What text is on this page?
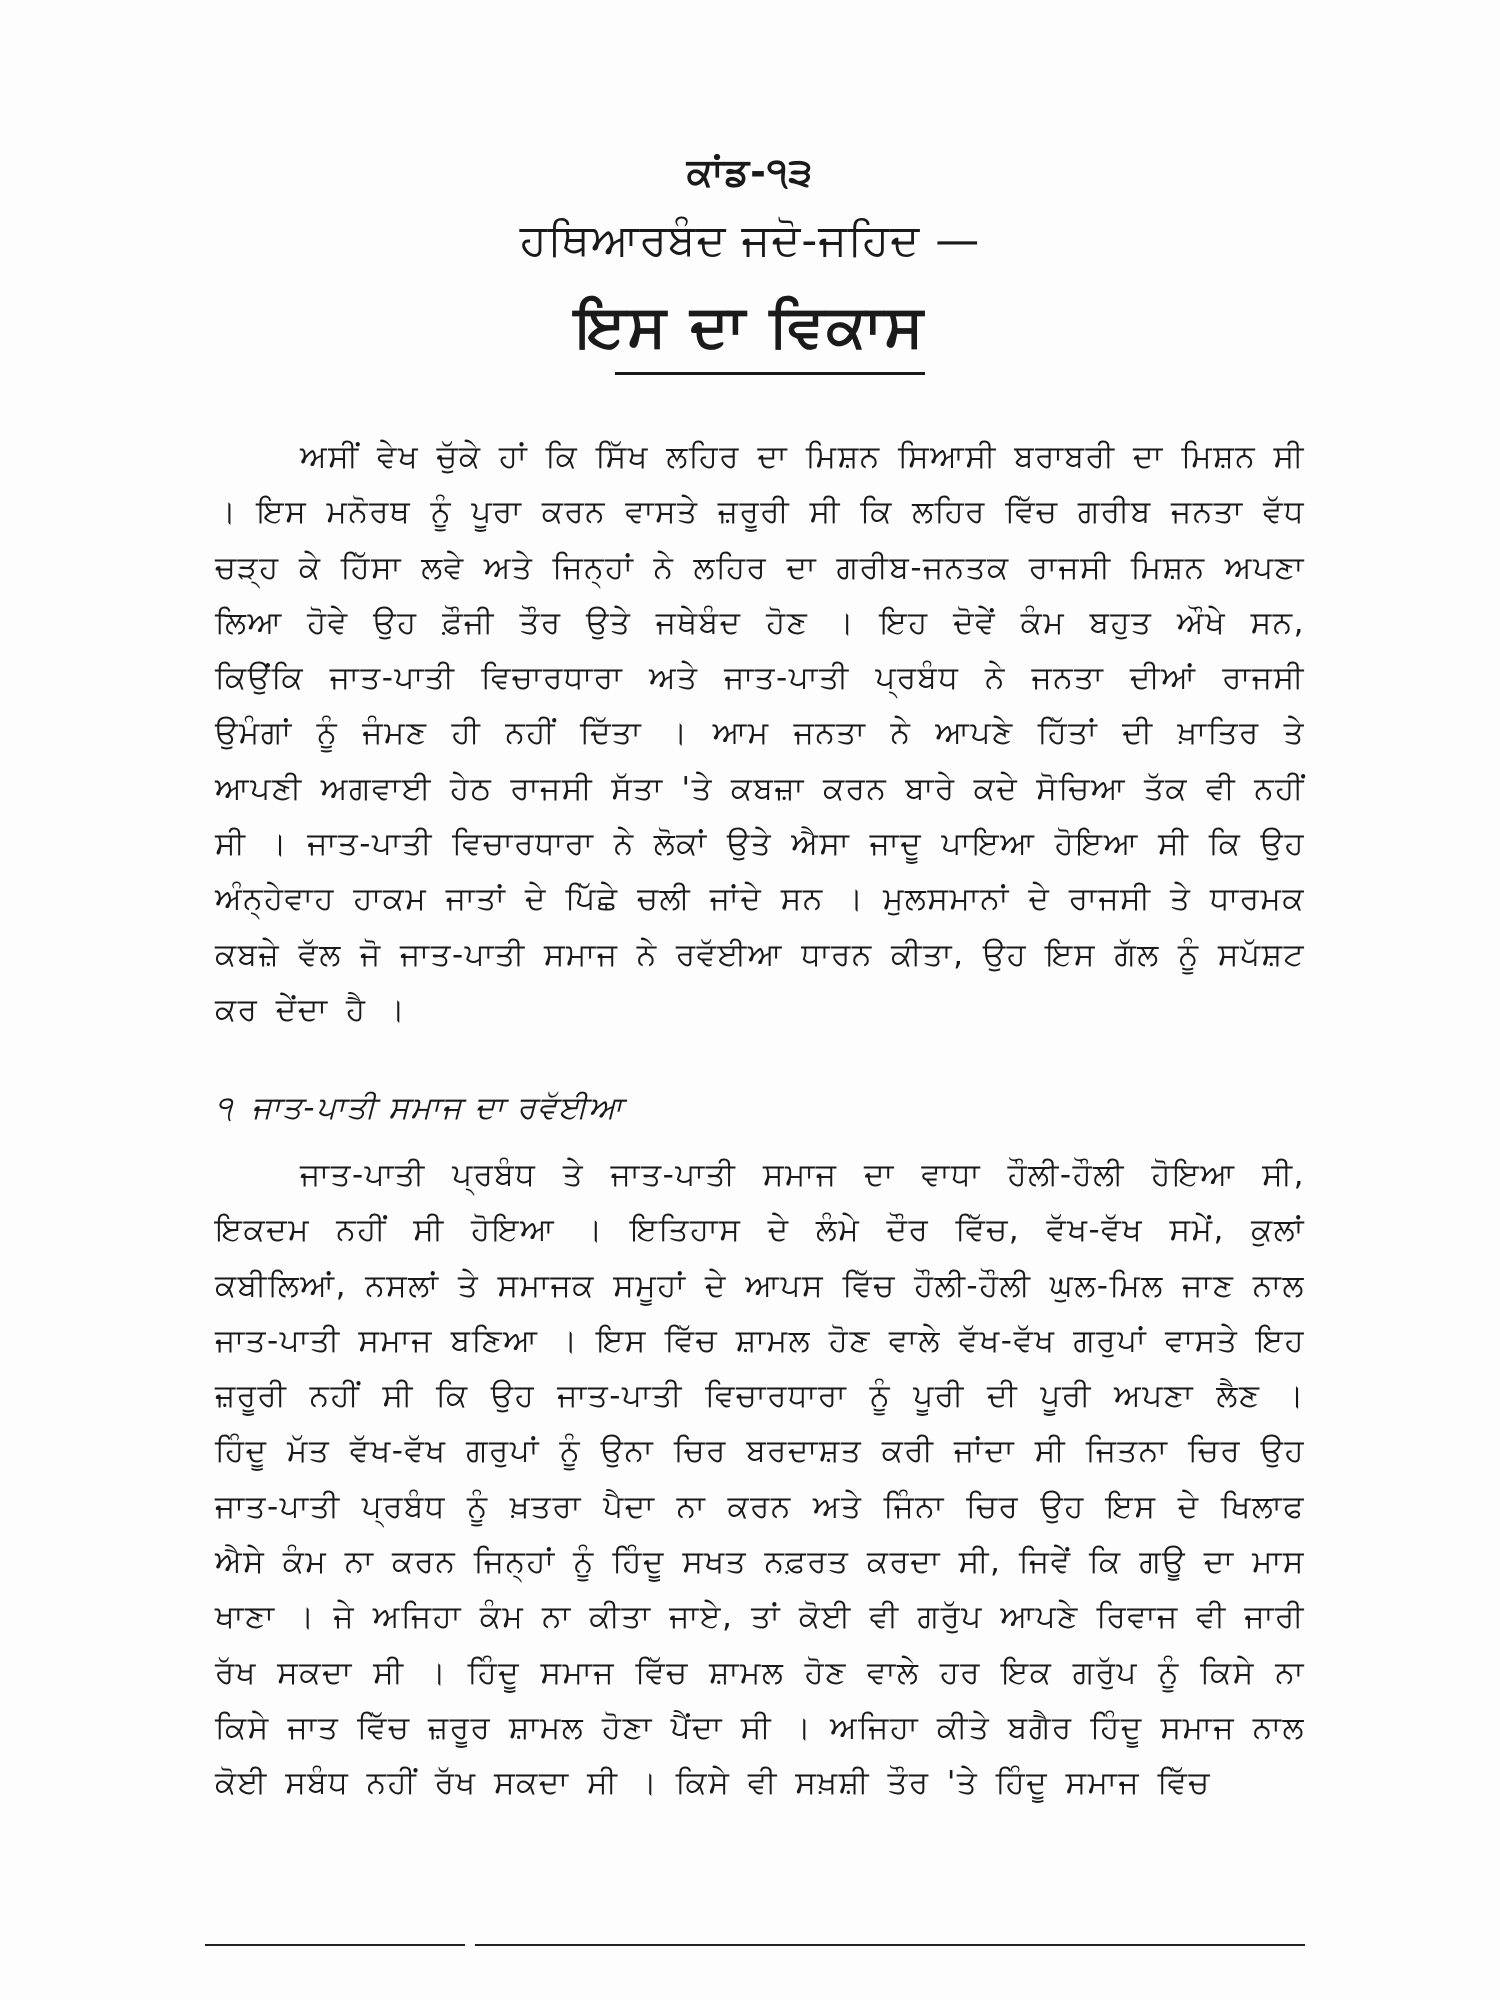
ਕਾਂਡ-੧੩
ਹਥਿਆਰਬੰਦ ਜਦੋ-ਜਹਿਦ —
ਇਸ ਦਾ ਵਿਕਾਸ

ਅਸੀਂ ਵੇਖ ਚੁੱਕੇ ਹਾਂ ਕਿ ਸਿੱਖ ਲਹਿਰ ਦਾ ਮਿਸ਼ਨ ਸਿਆਸੀ ਬਰਾਬਰੀ ਦਾ ਮਿਸ਼ਨ ਸੀ । ਇਸ ਮਨੋਰਥ ਨੂੰ ਪੂਰਾ ਕਰਨ ਵਾਸਤੇ ਜ਼ਰੂਰੀ ਸੀ ਕਿ ਲਹਿਰ ਵਿੱਚ ਗਰੀਬ ਜਨਤਾ ਵੱਧ ਚੜ੍ਹ ਕੇ ਹਿੱਸਾ ਲਵੇ ਅਤੇ ਜਿਨ੍ਹਾਂ ਨੇ ਲਹਿਰ ਦਾ ਗਰੀਬ-ਜਨਤਕ ਰਾਜਸੀ ਮਿਸ਼ਨ ਅਪਣਾ ਲਿਆ ਹੋਵੇ ਉਹ ਫ਼ੌਜੀ ਤੌਰ ਉਤੇ ਜਥੇਬੰਦ ਹੋਣ । ਇਹ ਦੋਵੇਂ ਕੰਮ ਬਹੁਤ ਔਖੇ ਸਨ, ਕਿਉਂਕਿ ਜਾਤ-ਪਾਤੀ ਵਿਚਾਰਧਾਰਾ ਅਤੇ ਜਾਤ-ਪਾਤੀ ਪ੍ਰਬੰਧ ਨੇ ਜਨਤਾ ਦੀਆਂ ਰਾਜਸੀ ਉਮੰਗਾਂ ਨੂੰ ਜੰਮਣ ਹੀ ਨਹੀਂ ਦਿੱਤਾ । ਆਮ ਜਨਤਾ ਨੇ ਆਪਣੇ ਹਿੱਤਾਂ ਦੀ ਖ਼ਾਤਿਰ ਤੇ ਆਪਣੀ ਅਗਵਾਈ ਹੇਠ ਰਾਜਸੀ ਸੱਤਾ 'ਤੇ ਕਬਜ਼ਾ ਕਰਨ ਬਾਰੇ ਕਦੇ ਸੋਚਿਆ ਤੱਕ ਵੀ ਨਹੀਂ ਸੀ । ਜਾਤ-ਪਾਤੀ ਵਿਚਾਰਧਾਰਾ ਨੇ ਲੋਕਾਂ ਉਤੇ ਐਸਾ ਜਾਦੂ ਪਾਇਆ ਹੋਇਆ ਸੀ ਕਿ ਉਹ ਅੰਨ੍ਹੇਵਾਹ ਹਾਕਮ ਜਾਤਾਂ ਦੇ ਪਿੱਛੇ ਚਲੀ ਜਾਂਦੇ ਸਨ । ਮੁਲਸਮਾਨਾਂ ਦੇ ਰਾਜਸੀ ਤੇ ਧਾਰਮਕ ਕਬਜ਼ੇ ਵੱਲ ਜੋ ਜਾਤ-ਪਾਤੀ ਸਮਾਜ ਨੇ ਰਵੱਈਆ ਧਾਰਨ ਕੀਤਾ, ਉਹ ਇਸ ਗੱਲ ਨੂੰ ਸਪੱਸ਼ਟ ਕਰ ਦੇਂਦਾ ਹੈ ।

੧ ਜਾਤ-ਪਾਤੀ ਸਮਾਜ ਦਾ ਰਵੱਈਆ

ਜਾਤ-ਪਾਤੀ ਪ੍ਰਬੰਧ ਤੇ ਜਾਤ-ਪਾਤੀ ਸਮਾਜ ਦਾ ਵਾਧਾ ਹੌਲੀ-ਹੌਲੀ ਹੋਇਆ ਸੀ, ਇਕਦਮ ਨਹੀਂ ਸੀ ਹੋਇਆ । ਇਤਿਹਾਸ ਦੇ ਲੰਮੇ ਦੌਰ ਵਿੱਚ, ਵੱਖ-ਵੱਖ ਸਮੇਂ, ਕੁਲਾਂ ਕਬੀਲਿਆਂ, ਨਸਲਾਂ ਤੇ ਸਮਾਜਕ ਸਮੂਹਾਂ ਦੇ ਆਪਸ ਵਿੱਚ ਹੌਲੀ-ਹੌਲੀ ਘੁਲ-ਮਿਲ ਜਾਣ ਨਾਲ ਜਾਤ-ਪਾਤੀ ਸਮਾਜ ਬਣਿਆ । ਇਸ ਵਿੱਚ ਸ਼ਾਮਲ ਹੋਣ ਵਾਲੇ ਵੱਖ-ਵੱਖ ਗਰੁਪਾਂ ਵਾਸਤੇ ਇਹ ਜ਼ਰੂਰੀ ਨਹੀਂ ਸੀ ਕਿ ਉਹ ਜਾਤ-ਪਾਤੀ ਵਿਚਾਰਧਾਰਾ ਨੂੰ ਪੂਰੀ ਦੀ ਪੂਰੀ ਅਪਣਾ ਲੈਣ । ਹਿੰਦੂ ਮੱਤ ਵੱਖ-ਵੱਖ ਗਰੁਪਾਂ ਨੂੰ ਉਨਾ ਚਿਰ ਬਰਦਾਸ਼ਤ ਕਰੀ ਜਾਂਦਾ ਸੀ ਜਿਤਨਾ ਚਿਰ ਉਹ ਜਾਤ-ਪਾਤੀ ਪ੍ਰਬੰਧ ਨੂੰ ਖ਼ਤਰਾ ਪੈਦਾ ਨਾ ਕਰਨ ਅਤੇ ਜਿੰਨਾ ਚਿਰ ਉਹ ਇਸ ਦੇ ਖਿਲਾਫ ਐਸੇ ਕੰਮ ਨਾ ਕਰਨ ਜਿਨ੍ਹਾਂ ਨੂੰ ਹਿੰਦੂ ਸਖਤ ਨਫ਼ਰਤ ਕਰਦਾ ਸੀ, ਜਿਵੇਂ ਕਿ ਗਊ ਦਾ ਮਾਸ ਖਾਣਾ । ਜੇ ਅਜਿਹਾ ਕੰਮ ਨਾ ਕੀਤਾ ਜਾਏ, ਤਾਂ ਕੋਈ ਵੀ ਗਰੁੱਪ ਆਪਣੇ ਰਿਵਾਜ ਵੀ ਜਾਰੀ ਰੱਖ ਸਕਦਾ ਸੀ । ਹਿੰਦੂ ਸਮਾਜ ਵਿੱਚ ਸ਼ਾਮਲ ਹੋਣ ਵਾਲੇ ਹਰ ਇਕ ਗਰੁੱਪ ਨੂੰ ਕਿਸੇ ਨਾ ਕਿਸੇ ਜਾਤ ਵਿੱਚ ਜ਼ਰੂਰ ਸ਼ਾਮਲ ਹੋਣਾ ਪੈਂਦਾ ਸੀ । ਅਜਿਹਾ ਕੀਤੇ ਬਗੈਰ ਹਿੰਦੂ ਸਮਾਜ ਨਾਲ ਕੋਈ ਸਬੰਧ ਨਹੀਂ ਰੱਖ ਸਕਦਾ ਸੀ । ਕਿਸੇ ਵੀ ਸਖ਼ਸ਼ੀ ਤੌਰ 'ਤੇ ਹਿੰਦੂ ਸਮਾਜ ਵਿੱਚ
